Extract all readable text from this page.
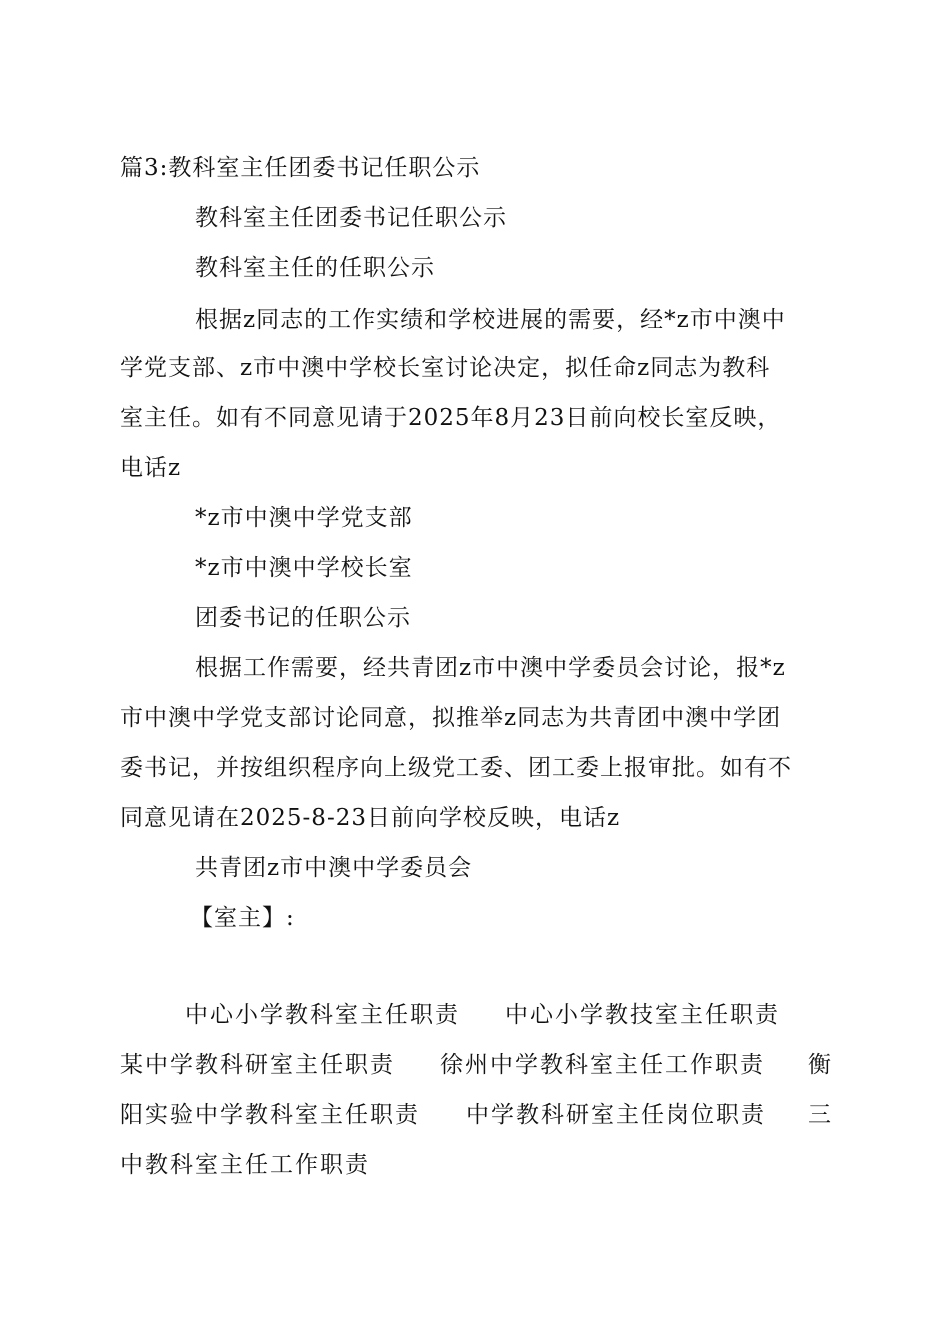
篇3:教科室主任团委书记任职公示
教科室主任团委书记任职公示
教科室主任的任职公示
根据z同志的工作实绩和学校进展的需要，经*z市中澳中
学党支部、z市中澳中学校长室讨论决定，拟任命z同志为教科
室主任。如有不同意见请于2025年8月23日前向校长室反映，
电话z
*z市中澳中学党支部
*z市中澳中学校长室
团委书记的任职公示
根据工作需要，经共青团z市中澳中学委员会讨论，报*z
市中澳中学党支部讨论同意，拟推举z同志为共青团中澳中学团
委书记，并按组织程序向上级党工委、团工委上报审批。如有不
同意见请在2025-8-23日前向学校反映，电话z
共青团z市中澳中学委员会
【室主】:
中心小学教科室主任职责 中心小学教技室主任职责
某中学教科研室主任职责 徐州中学教科室主任工作职责 衡
阳实验中学教科室主任职责 中学教科研室主任岗位职责 三
中教科室主任工作职责
